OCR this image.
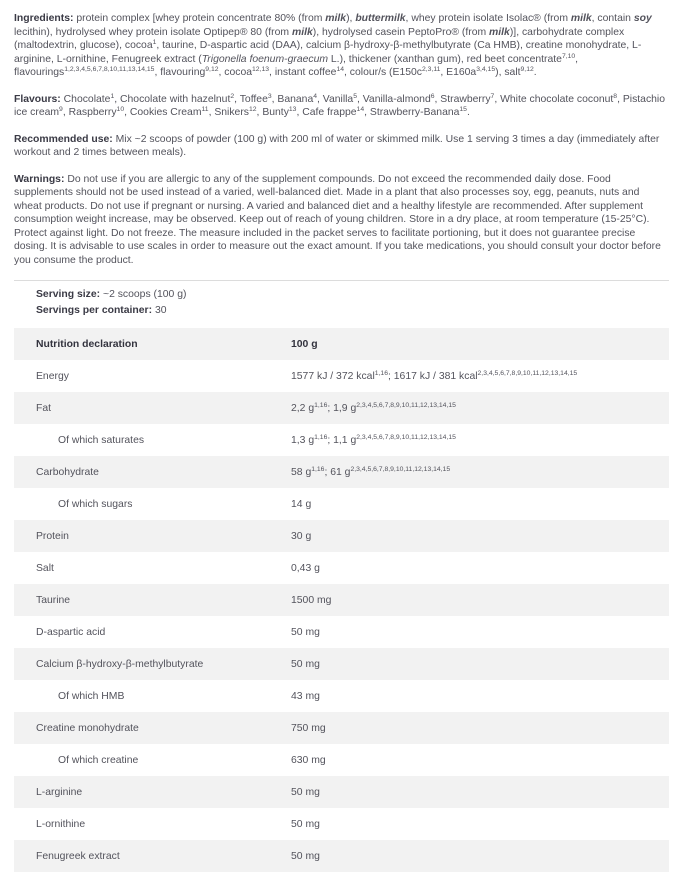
Ingredients: protein complex [whey protein concentrate 80% (from milk), buttermilk, whey protein isolate Isolac® (from milk, contain soy lecithin), hydrolysed whey protein isolate Optipep® 80 (from milk), hydrolysed casein PeptoPro® (from milk)], carbohydrate complex (maltodextrin, glucose), cocoa$^1$, taurine, D-aspartic acid (DAA), calcium β-hydroxy-β-methylbutyrate (Ca HMB), creatine monohydrate, L-arginine, L-ornithine, Fenugreek extract (Trigonella foenum-graecum L.), thickener (xanthan gum), red beet concentrate$^{7,10}$, flavourings$^{1,2,3,4,5,6,7,8,10,11,13,14,15}$, flavouring$^{9,12}$, cocoa$^{12,13}$, instant coffee$^{14}$, colour/s ($E150c^{2,3,11}$, $E160a^{3,4,15}$), salt$^{9,12}$.

Flavours: Chocolate$^1$, Chocolate with hazelnut$^2$, Toffee$^3$, Banana$^4$, Vanilla$^5$, Vanilla-almond$^6$, Strawberry$^7$, White chocolate coconut$^8$, Pistachio ice cream$^9$, Raspberry$^{10}$, Cookies Cream$^{11}$, Snikers$^{12}$, Bunty$^{13}$, Cafe frappe$^{14}$, Strawberry-Banana$^{15}$.

Recommended use: Mix ~2 scoops of powder (100 g) with 200 ml of water or skimmed milk. Use 1 serving 3 times a day (immediately after workout and 2 times between meals).

Warnings: Do not use if you are allergic to any of the supplement compounds. Do not exceed the recommended daily dose. Food supplements should not be used instead of a varied, well-balanced diet. Made in a plant that also processes soy, egg, peanuts, nuts and wheat products. Do not use if pregnant or nursing. A varied and balanced diet and a healthy lifestyle are recommended. After supplement consumption weight increase, may be observed. Keep out of reach of young children. Store in a dry place, at room temperature (15-25°C). Protect against light. Do not freeze. The measure included in the packet serves to facilitate portioning, but it does not guarantee precise dosing. It is advisable to use scales in order to measure out the exact amount. If you take medications, you should consult your doctor before you consume the product.

Serving size: ~2 scoops (100 g)
Servings per container: 30
Nutrition declaration	100 g
Energy	1577 kJ / 372 kcal$^{1,16}$; 1617 kJ / 381 kcal$^{2,3,4,5,6,7,8,9,10,11,12,13,14,15}$
Fat	2,2 $g^{1,16}$; 1,9 $g^{2,3,4,5,6,7,8,9,10,11,12,13,14,15}$
Of which saturates	1,3 $g^{1,16}$; 1,1 $g^{2,3,4,5,6,7,8,9,10,11,12,13,14,15}$
Carbohydrate	58 $g^{1,16}$; 61 $g^{2,3,4,5,6,7,8,9,10,11,12,13,14,15}$
Of which sugars	14 g
Protein	30 g
Salt	0,43 g
Taurine	1500 mg
D-aspartic acid	50 mg
Calcium β-hydroxy-β-methylbutyrate	50 mg
Of which HMB	43 mg
Creatine monohydrate	750 mg
Of which creatine	630 mg
L-arginine	50 mg
L-ornithine	50 mg
Fenugreek extract	50 mg
